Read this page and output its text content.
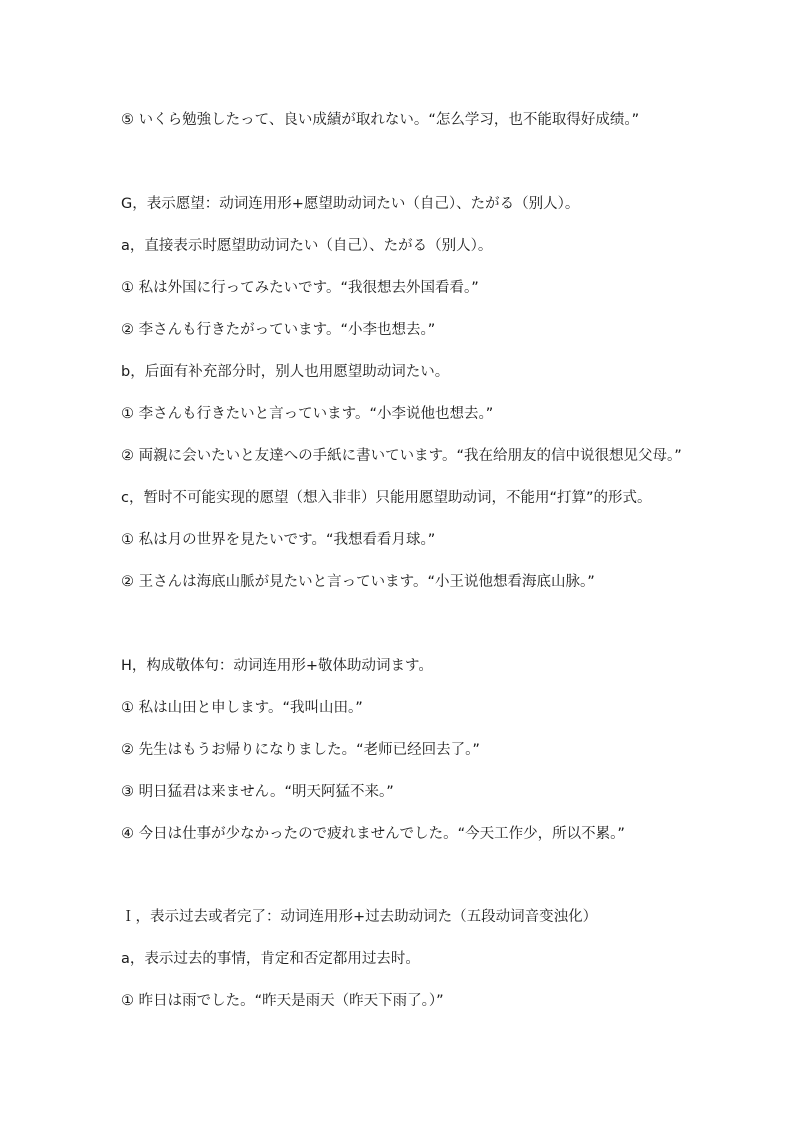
⑤ いくら勉強したって、良い成績が取れない。“怎么学习，也不能取得好成绩。”
G，表示愿望：动词连用形+愿望助动词たい（自己）、たがる（别人）。
a，直接表示时愿望助动词たい（自己）、たがる（别人）。
① 私は外国に行ってみたいです。“我很想去外国看看。”
② 李さんも行きたがっています。“小李也想去。”
b，后面有补充部分时，别人也用愿望助动词たい。
① 李さんも行きたいと言っています。“小李说他也想去。”
② 両親に会いたいと友達への手紙に書いています。“我在给朋友的信中说很想见父母。”
c，暂时不可能实现的愿望（想入非非）只能用愿望助动词，不能用“打算”的形式。
① 私は月の世界を見たいです。“我想看看月球。”
② 王さんは海底山脈が見たいと言っています。“小王说他想看海底山脉。”
H，构成敬体句：动词连用形+敬体助动词ます。
① 私は山田と申します。“我叫山田。”
② 先生はもうお帰りになりました。“老师已经回去了。”
③ 明日猛君は来ません。“明天阿猛不来。”
④ 今日は仕事が少なかったので疲れませんでした。“今天工作少，所以不累。”
Ｉ，表示过去或者完了：动词连用形+过去助动词た（五段动词音变浊化）
a，表示过去的事情，肯定和否定都用过去时。
① 昨日は雨でした。“昨天是雨天（昨天下雨了。）”
